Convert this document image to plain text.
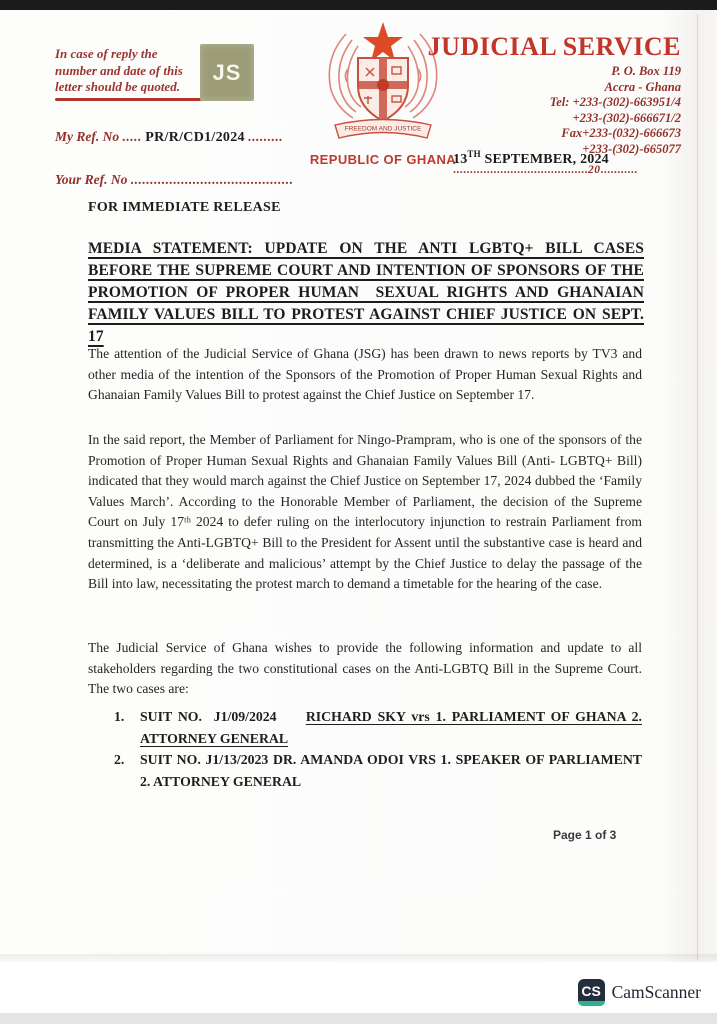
In case of reply the
number and date of this
letter should be quoted.
JS
FREEDOM AND JUSTICE
REPUBLIC OF GHANA
JUDICIAL SERVICE
P. O. Box 119
Accra - Ghana
Tel: +233-(302)-663951/4
+233-(302)-666671/2
Fax+233-(032)-666673
+233-(302)-665077
My Ref. No ..... PR/R/CD1/2024 .........
13TH SEPTEMBER, 2024
........................................20...........
Your Ref. No ..........................................
FOR IMMEDIATE RELEASE
MEDIA STATEMENT: UPDATE ON THE ANTI LGBTQ+ BILL CASES BEFORE THE SUPREME COURT AND INTENTION OF SPONSORS OF THE PROMOTION OF PROPER HUMAN  SEXUAL RIGHTS AND GHANAIAN FAMILY VALUES BILL TO PROTEST AGAINST CHIEF JUSTICE ON SEPT. 17
The attention of the Judicial Service of Ghana (JSG) has been drawn to news reports by TV3 and other media of the intention of the Sponsors of the Promotion of Proper Human Sexual Rights and Ghanaian Family Values Bill to protest against the Chief Justice on September 17.
In the said report, the Member of Parliament for Ningo-Prampram, who is one of the sponsors of the Promotion of Proper Human Sexual Rights and Ghanaian Family Values Bill (Anti- LGBTQ+ Bill) indicated that they would march against the Chief Justice on September 17, 2024 dubbed the ‘Family Values March’. According to the Honorable Member of Parliament, the decision of the Supreme Court on July 17ᵗʰ 2024 to defer ruling on the interlocutory injunction to restrain Parliament from transmitting the Anti-LGBTQ+ Bill to the President for Assent until the substantive case is heard and determined, is a ‘deliberate and malicious’ attempt by the Chief Justice to delay the passage of the Bill into law, necessitating the protest march to demand a timetable for the hearing of the case.
The Judicial Service of Ghana wishes to provide the following information and update to all stakeholders regarding the two constitutional cases on the Anti-LGBTQ Bill in the Supreme Court. The two cases are:
1.	SUIT NO.  J1/09/2024     RICHARD SKY vrs 1. PARLIAMENT OF GHANA 2. ATTORNEY GENERAL
2.	SUIT NO. J1/13/2023 DR. AMANDA ODOI VRS 1. SPEAKER OF PARLIAMENT 2. ATTORNEY GENERAL
Page 1 of 3
CS CamScanner
